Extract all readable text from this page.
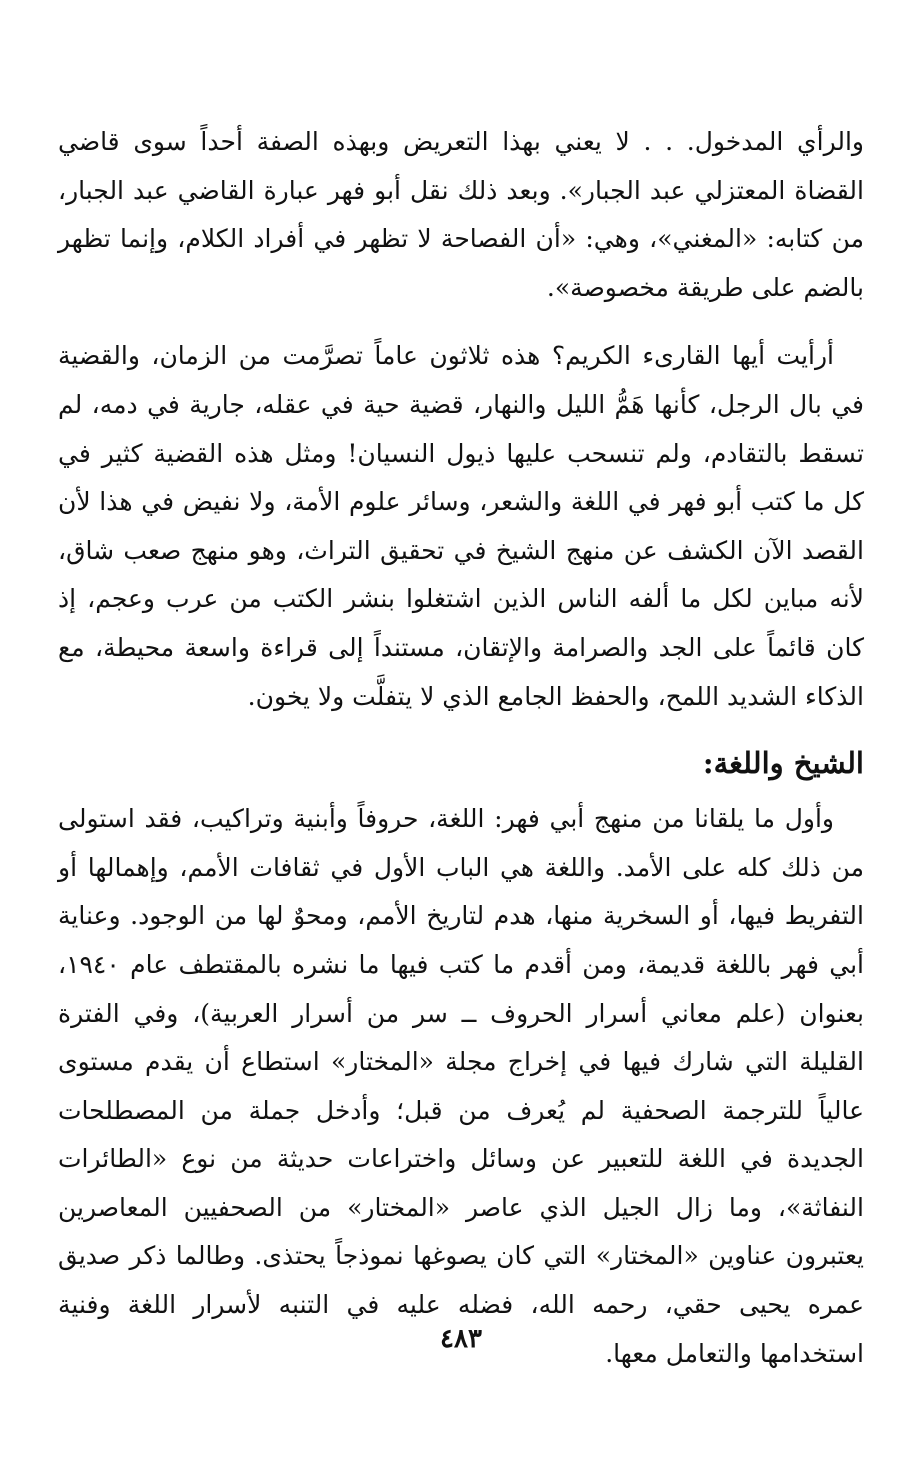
والرأي المدخول. . . لا يعني بهذا التعريض وبهذه الصفة أحداً سوى قاضي القضاة المعتزلي عبد الجبار». وبعد ذلك نقل أبو فهر عبارة القاضي عبد الجبار، من كتابه: «المغني»، وهي: «أن الفصاحة لا تظهر في أفراد الكلام، وإنما تظهر بالضم على طريقة مخصوصة».

أرأيت أيها القارىء الكريم؟ هذه ثلاثون عاماً تصرَّمت من الزمان، والقضية في بال الرجل، كأنها هَمُّ الليل والنهار، قضية حية في عقله، جارية في دمه، لم تسقط بالتقادم، ولم تنسحب عليها ذيول النسيان! ومثل هذه القضية كثير في كل ما كتب أبو فهر في اللغة والشعر، وسائر علوم الأمة، ولا نفيض في هذا لأن القصد الآن الكشف عن منهج الشيخ في تحقيق التراث، وهو منهج صعب شاق، لأنه مباين لكل ما ألفه الناس الذين اشتغلوا بنشر الكتب من عرب وعجم، إذ كان قائماً على الجد والصرامة والإتقان، مستنداً إلى قراءة واسعة محيطة، مع الذكاء الشديد اللمح، والحفظ الجامع الذي لا يتفلَّت ولا يخون.

الشيخ واللغة:

وأول ما يلقانا من منهج أبي فهر: اللغة، حروفاً وأبنية وتراكيب، فقد استولى من ذلك كله على الأمد. واللغة هي الباب الأول في ثقافات الأمم، وإهمالها أو التفريط فيها، أو السخرية منها، هدم لتاريخ الأمم، ومحوٌ لها من الوجود. وعناية أبي فهر باللغة قديمة، ومن أقدم ما كتب فيها ما نشره بالمقتطف عام ١٩٤٠، بعنوان (علم معاني أسرار الحروف ــ سر من أسرار العربية)، وفي الفترة القليلة التي شارك فيها في إخراج مجلة «المختار» استطاع أن يقدم مستوى عالياً للترجمة الصحفية لم يُعرف من قبل؛ وأدخل جملة من المصطلحات الجديدة في اللغة للتعبير عن وسائل واختراعات حديثة من نوع «الطائرات النفاثة»، وما زال الجيل الذي عاصر «المختار» من الصحفيين المعاصرين يعتبرون عناوين «المختار» التي كان يصوغها نموذجاً يحتذى. وطالما ذكر صديق عمره يحيى حقي، رحمه الله، فضله عليه في التنبه لأسرار اللغة وفنية استخدامها والتعامل معها.

٤٨٣
